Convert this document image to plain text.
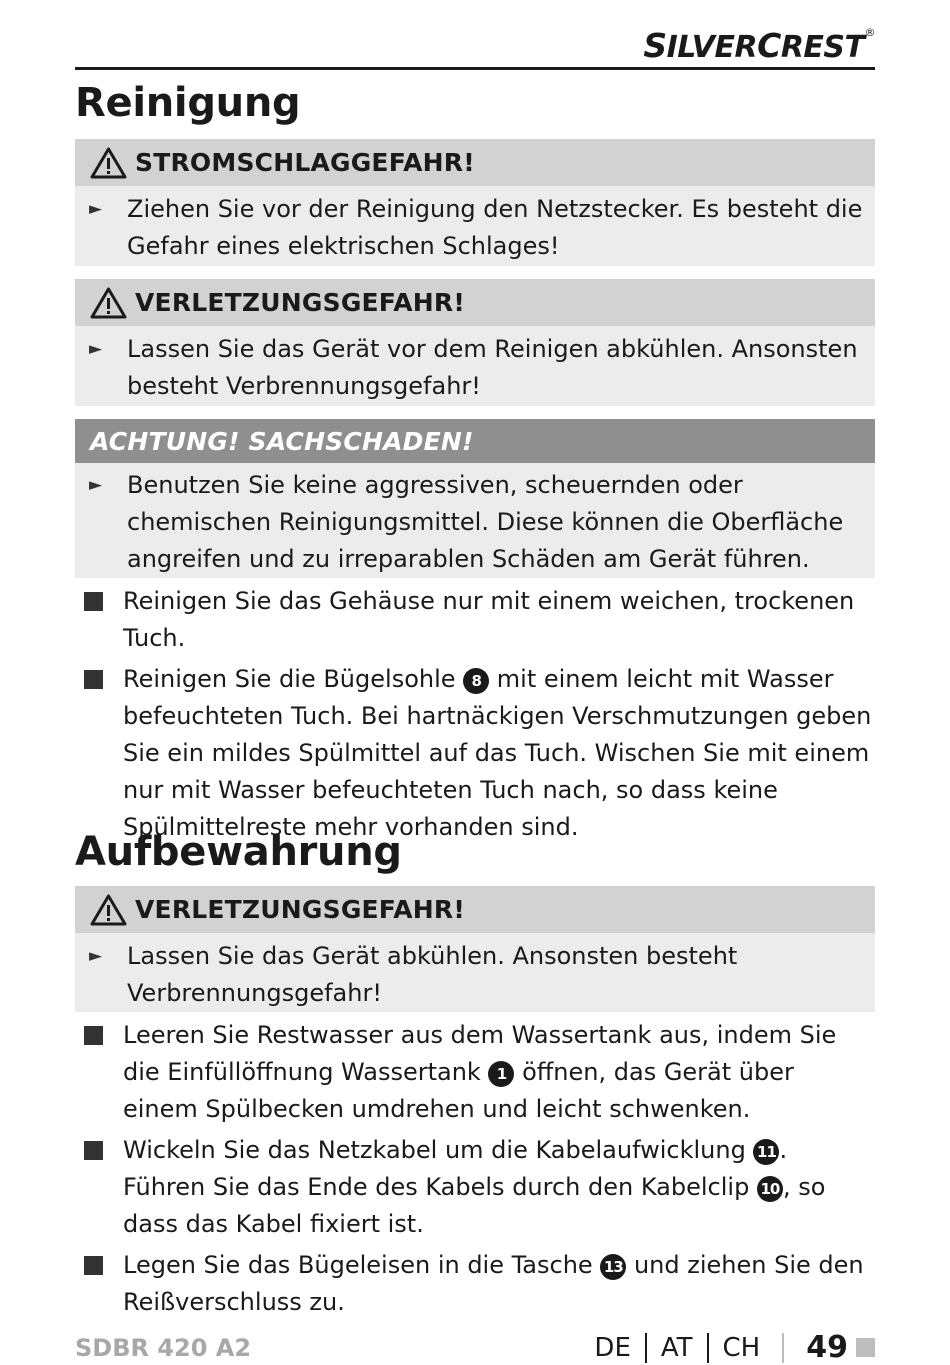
SILVERCREST®
Reinigung
STROMSCHLAGGEFAHR!
► Ziehen Sie vor der Reinigung den Netzstecker. Es besteht die Gefahr eines elektrischen Schlages!
VERLETZUNGSGEFAHR!
► Lassen Sie das Gerät vor dem Reinigen abkühlen. Ansonsten besteht Verbrennungsgefahr!
ACHTUNG! SACHSCHADEN!
► Benutzen Sie keine aggressiven, scheuernden oder chemischen Reinigungsmittel. Diese können die Oberfläche angreifen und zu irreparablen Schäden am Gerät führen.
Reinigen Sie das Gehäuse nur mit einem weichen, trockenen Tuch.
Reinigen Sie die Bügelsohle 8 mit einem leicht mit Wasser befeuchteten Tuch. Bei hartnäckigen Verschmutzungen geben Sie ein mildes Spülmittel auf das Tuch. Wischen Sie mit einem nur mit Wasser befeuchteten Tuch nach, so dass keine Spülmittelreste mehr vorhanden sind.
Aufbewahrung
VERLETZUNGSGEFAHR!
► Lassen Sie das Gerät abkühlen. Ansonsten besteht Verbrennungsgefahr!
Leeren Sie Restwasser aus dem Wassertank aus, indem Sie die Einfüllöffnung Wassertank 1 öffnen, das Gerät über einem Spülbecken umdrehen und leicht schwenken.
Wickeln Sie das Netzkabel um die Kabelaufwicklung 11 . Führen Sie das Ende des Kabels durch den Kabelclip 10 , so dass das Kabel fixiert ist.
Legen Sie das Bügeleisen in die Tasche 13 und ziehen Sie den Reißverschluss zu.
SDBR 420 A2	DE AT CH 49
